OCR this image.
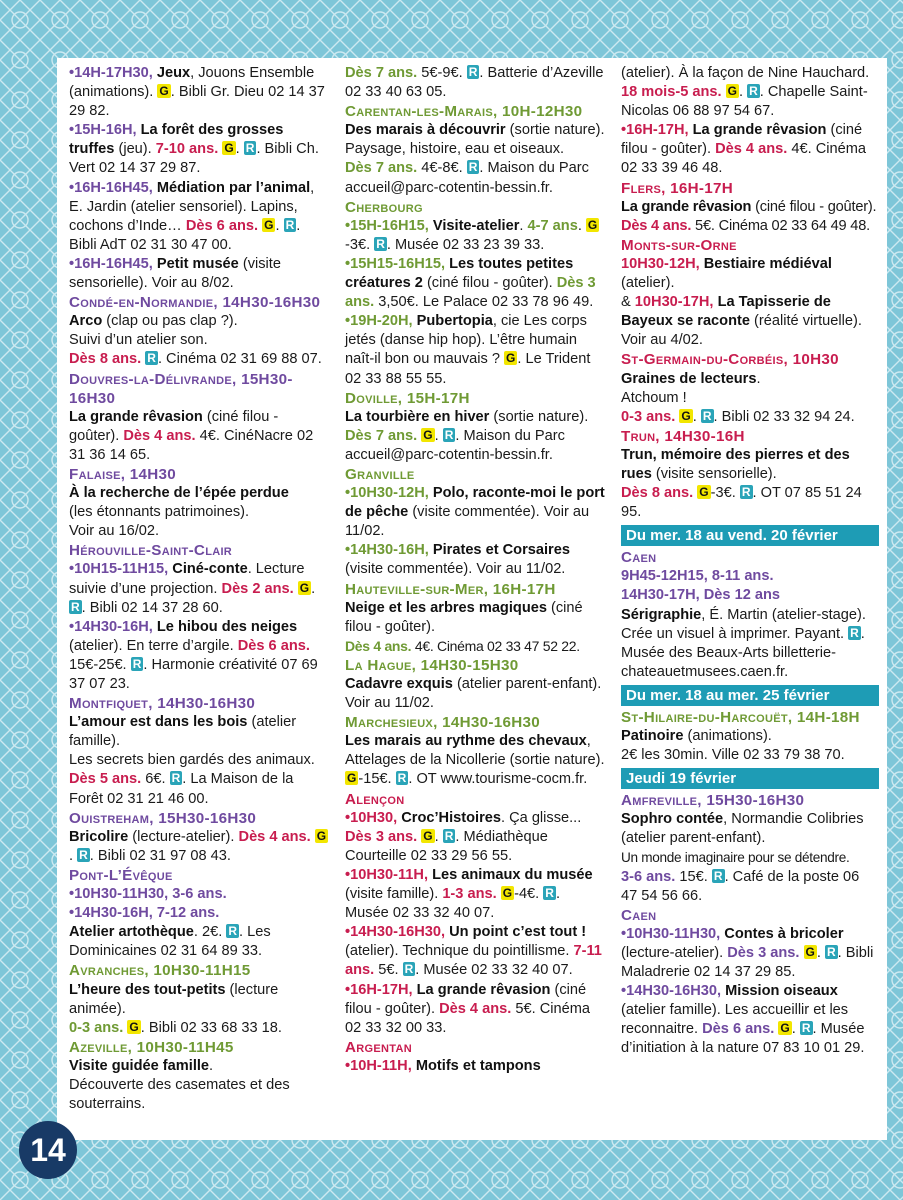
•14H-17H30, Jeux, Jouons Ensemble (animations). G . Bibli Gr. Dieu 02 14 37 29 82.

•15H-16H, La forêt des grosses truffes (jeu). 7-10 ans. G . R . Bibli Ch. Vert 02 14 37 29 87.

•16H-16H45, Médiation par l’animal, E. Jardin (atelier sensoriel). Lapins, cochons d’Inde… Dès 6 ans. G . R . Bibli AdT 02 31 30 47 00.

•16H-16H45, Petit musée (visite sensorielle). Voir au 8/02.

Condé-en-Normandie, 14H30-16H30

Arco (clap ou pas clap ?).

Suivi d’un atelier son.

Dès 8 ans. R . Cinéma 02 31 69 88 07.

Douvres-la-Délivrande, 15H30-16H30

La grande rêvasion (ciné filou - goûter). Dès 4 ans. 4€. CinéNacre 02 31 36 14 65.

Falaise, 14H30

À la recherche de l’épée perdue
(les étonnants patrimoines).

Voir au 16/02.

Hérouville-Saint-Clair

•10H15-11H15, Ciné-conte. Lecture suivie d’une projection. Dès 2 ans. G . R . Bibli 02 14 37 28 60.

•14H30-16H, Le hibou des neiges (atelier). En terre d’argile. Dès 6 ans. 15€-25€. R . Harmonie créativité 07 69 37 07 23.

Montfiquet, 14H30-16H30

L’amour est dans les bois (atelier famille).

Les secrets bien gardés des animaux.

Dès 5 ans. 6€. R . La Maison de la Forêt 02 31 21 46 00.

Ouistreham, 15H30-16H30

Bricolire (lecture-atelier). Dès 4 ans. G. R . Bibli 02 31 97 08 43.

Pont-L’Évêque

•10H30-11H30, 3-6 ans.

•14H30-16H, 7-12 ans.

Atelier artothèque. 2€. R . Les Dominicaines 02 31 64 89 33.

Avranches, 10H30-11H15

L’heure des tout-petits (lecture animée).

0-3 ans. G . Bibli 02 33 68 33 18.

Azeville, 10H30-11H45

Visite guidée famille.

Découverte des casemates et des souterrains.

Dès 7 ans. 5€-9€. R . Batterie d’Azeville 02 33 40 63 05.

Carentan-les-Marais, 10H-12H30

Des marais à découvrir (sortie nature). Paysage, histoire, eau et oiseaux.

Dès 7 ans. 4€-8€. R . Maison du Parc accueil@parc-cotentin-bessin.fr.

Cherbourg

•15H-16H15, Visite-atelier. 4-7 ans. G-3€. R . Musée 02 33 23 39 33.

•15H15-16H15, Les toutes petites créatures 2 (ciné filou - goûter). Dès 3 ans. 3,50€. Le Palace 02 33 78 96 49.

•19H-20H, Pubertopia, cie Les corps jetés (danse hip hop). L’être humain naît-il bon ou mauvais ? G . Le Trident 02 33 88 55 55.

Doville, 15H-17H

La tourbière en hiver (sortie nature). Dès 7 ans. G . R . Maison du Parc accueil@parc-cotentin-bessin.fr.

Granville

•10H30-12H, Polo, raconte-moi le port de pêche (visite commentée). Voir au 11/02.

•14H30-16H, Pirates et Corsaires (visite commentée). Voir au 11/02.

Hauteville-sur-Mer, 16H-17H

Neige et les arbres magiques (ciné filou - goûter).

Dès 4 ans. 4€. Cinéma 02 33 47 52 22.

La Hague, 14H30-15H30

Cadavre exquis (atelier parent-enfant). Voir au 11/02.

Marchesieux, 14H30-16H30

Les marais au rythme des chevaux, Attelages de la Nicollerie (sortie nature).

G -15€. R . OT www.tourisme-cocm.fr.

Alençon

•10H30, Croc’Histoires. Ça glisse... Dès 3 ans. G . R . Médiathèque Courteille 02 33 29 56 55.

•10H30-11H, Les animaux du musée (visite famille). 1-3 ans. G -4€. R . Musée 02 33 32 40 07.

•14H30-16H30, Un point c’est tout ! (atelier). Technique du pointillisme. 7-11 ans. 5€. R . Musée 02 33 32 40 07.

•16H-17H, La grande rêvasion (ciné filou - goûter). Dès 4 ans. 5€. Cinéma 02 33 32 00 33.

Argentan

•10H-11H, Motifs et tampons

(atelier). À la façon de Nine Hauchard. 18 mois-5 ans. G . R . Chapelle Saint-Nicolas 06 88 97 54 67.

•16H-17H, La grande rêvasion (ciné filou - goûter). Dès 4 ans. 4€. Cinéma 02 33 39 46 48.

Flers, 16H-17H

La grande rêvasion (ciné filou - goûter). Dès 4 ans. 5€. Cinéma 02 33 64 49 48.

Monts-sur-Orne

10H30-12H, Bestiaire médiéval
(atelier).

& 10H30-17H, La Tapisserie de Bayeux se raconte (réalité virtuelle). Voir au 4/02.

St-Germain-du-Corbéis, 10H30

Graines de lecteurs.

Atchoum !

0-3 ans. G . R . Bibli 02 33 32 94 24.

Trun, 14H30-16H

Trun, mémoire des pierres et des rues (visite sensorielle).

Dès 8 ans. G -3€. R . OT 07 85 51 24 95.

Du mer. 18 au vend. 20 février

Caen

9H45-12H15, 8-11 ans.

14H30-17H, Dès 12 ans

Sérigraphie, É. Martin (atelier-stage). Crée un visuel à imprimer. Payant. R . Musée des Beaux-Arts billetterie-chateauetmusees.caen.fr.

Du mer. 18 au mer. 25 février

St-Hilaire-du-Harcouët, 14H-18H

Patinoire (animations).

2€ les 30min. Ville 02 33 79 38 70.

Jeudi 19 février

Amfreville, 15H30-16H30

Sophro contée, Normandie Colibries (atelier parent-enfant).

Un monde imaginaire pour se détendre.

3-6 ans. 15€. R . Café de la poste 06 47 54 56 66.

Caen

•10H30-11H30, Contes à bricoler (lecture-atelier). Dès 3 ans. G . R . Bibli Maladrerie 02 14 37 29 85.

•14H30-16H30, Mission oiseaux (atelier famille). Les accueillir et les reconnaitre. Dès 6 ans. G . R . Musée d’initiation à la nature 07 83 10 01 29.

14
